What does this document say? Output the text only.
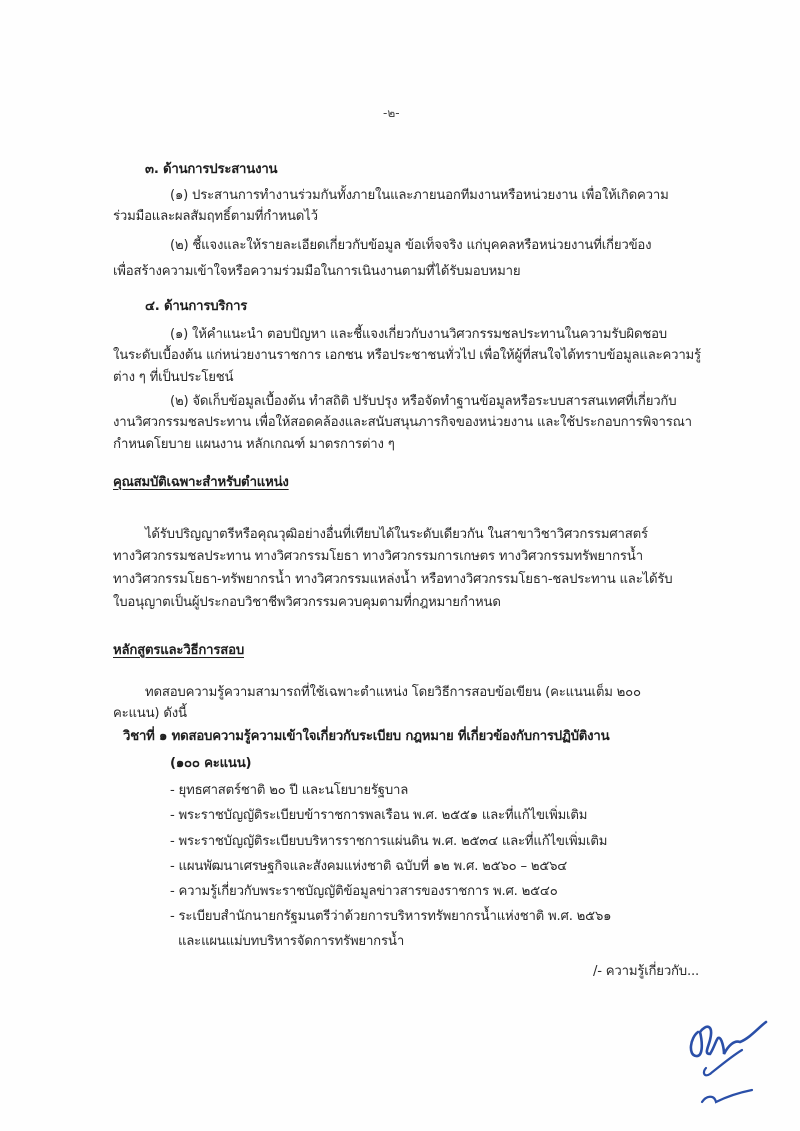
-๒-
๓. ด้านการประสานงาน
(๑) ประสานการทำงานร่วมกันทั้งภายในและภายนอกทีมงานหรือหน่วยงาน เพื่อให้เกิดความ
ร่วมมือและผลสัมฤทธิ์ตามที่กำหนดไว้
(๒) ชี้แจงและให้รายละเอียดเกี่ยวกับข้อมูล ข้อเท็จจริง แก่บุคคลหรือหน่วยงานที่เกี่ยวข้อง
เพื่อสร้างความเข้าใจหรือความร่วมมือในการเนินงานตามที่ได้รับมอบหมาย
๔. ด้านการบริการ
(๑) ให้คำแนะนำ ตอบปัญหา และชี้แจงเกี่ยวกับงานวิศวกรรมชลประทานในความรับผิดชอบ
ในระดับเบื้องต้น แก่หน่วยงานราชการ เอกชน หรือประชาชนทั่วไป เพื่อให้ผู้ที่สนใจได้ทราบข้อมูลและความรู้
ต่าง ๆ ที่เป็นประโยชน์
(๒) จัดเก็บข้อมูลเบื้องต้น ทำสถิติ ปรับปรุง หรือจัดทำฐานข้อมูลหรือระบบสารสนเทศที่เกี่ยวกับ
งานวิศวกรรมชลประทาน เพื่อให้สอดคล้องและสนับสนุนภารกิจของหน่วยงาน และใช้ประกอบการพิจารณา
กำหนดโยบาย แผนงาน หลักเกณฑ์ มาตรการต่าง ๆ
คุณสมบัติเฉพาะสำหรับตำแหน่ง
ได้รับปริญญาตรีหรือคุณวุฒิอย่างอื่นที่เทียบได้ในระดับเดียวกัน ในสาขาวิชาวิศวกรรมศาสตร์
ทางวิศวกรรมชลประทาน ทางวิศวกรรมโยธา ทางวิศวกรรมการเกษตร ทางวิศวกรรมทรัพยากรน้ำ
ทางวิศวกรรมโยธา-ทรัพยากรน้ำ ทางวิศวกรรมแหล่งน้ำ หรือทางวิศวกรรมโยธา-ชลประทาน และได้รับ
ใบอนุญาตเป็นผู้ประกอบวิชาชีพวิศวกรรมควบคุมตามที่กฎหมายกำหนด
หลักสูตรและวิธีการสอบ
ทดสอบความรู้ความสามารถที่ใช้เฉพาะตำแหน่ง โดยวิธีการสอบข้อเขียน (คะแนนเต็ม ๒๐๐
คะแนน) ดังนี้
วิชาที่ ๑ ทดสอบความรู้ความเข้าใจเกี่ยวกับระเบียบ กฎหมาย ที่เกี่ยวข้องกับการปฏิบัติงาน
(๑๐๐ คะแนน)
- ยุทธศาสตร์ชาติ ๒๐ ปี และนโยบายรัฐบาล
- พระราชบัญญัติระเบียบข้าราชการพลเรือน พ.ศ. ๒๕๕๑ และที่แก้ไขเพิ่มเติม
- พระราชบัญญัติระเบียบบริหารราชการแผ่นดิน พ.ศ. ๒๕๓๔ และที่แก้ไขเพิ่มเติม
- แผนพัฒนาเศรษฐกิจและสังคมแห่งชาติ ฉบับที่ ๑๒ พ.ศ. ๒๕๖๐ – ๒๕๖๔
- ความรู้เกี่ยวกับพระราชบัญญัติข้อมูลข่าวสารของราชการ พ.ศ. ๒๕๔๐
- ระเบียบสำนักนายกรัฐมนตรีว่าด้วยการบริหารทรัพยากรน้ำแห่งชาติ พ.ศ. ๒๕๖๑
และแผนแม่บทบริหารจัดการทรัพยากรน้ำ
/- ความรู้เกี่ยวกับ...
